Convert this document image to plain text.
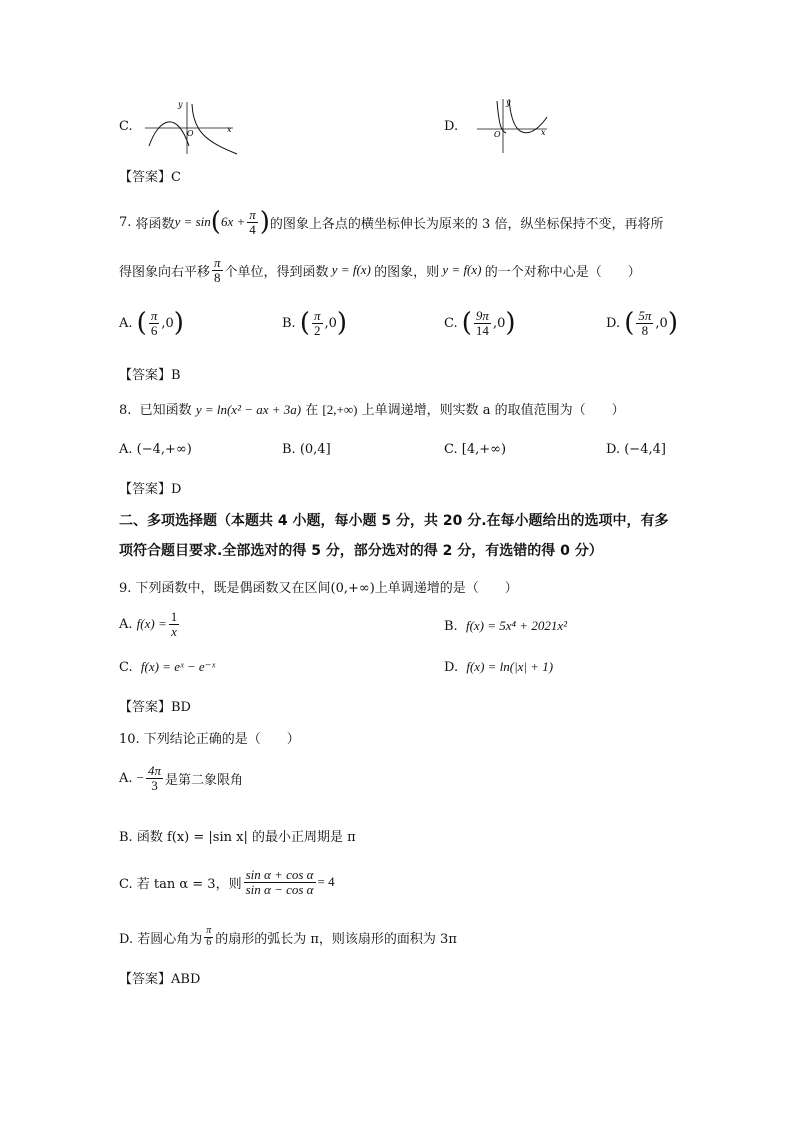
C.
y
x
O	D.
y
x
O
【答案】C
7.
将函数 y = sin ( $6x + \frac{\pi}{4}$ ) 的图象上各点的横坐标伸长为原来的 3 倍，纵坐标保持不变，再将所
得图象向右平移 $\frac{\pi}{8}$ 个单位，得到函数 y = f(x) 的图象，则 y = f(x) 的一个对称中心是（　　）
A.
( $\frac{\pi}{6} ,0$ )	B.
( $\frac{\pi}{2} ,0$ )	C.
( $\frac{9\pi}{14} ,0$ )	D.
( $\frac{5\pi}{8} ,0$ )
【答案】B
8. 已知函数 y = ln(x² − ax + 3a) 在 [2,+∞) 上单调递增，则实数 a 的取值范围为（　　）
A. (−4,+∞)	B. (0,4]	C. [4,+∞)	D. (−4,4]
【答案】D
二、多项选择题（本题共 4 小题，每小题 5 分，共 20 分.在每小题给出的选项中，有多
项符合题目要求.全部选对的得 5 分，部分选对的得 2 分，有选错的得 0 分）
9. 下列函数中，既是偶函数又在区间(0,+∞)上单调递增的是（　　）
A.
$f(x) = \frac{1}{x}$	B. f(x) = 5x⁴ + 2021x²
C. f(x) = eˣ − e⁻ˣ	D. f(x) = ln(|x| + 1)
【答案】BD
10. 下列结论正确的是（　　）
A.
− $\frac{4\pi}{3}$ 是第二象限角
B. 函数 f(x) = |sin x| 的最小正周期是 π
C. 若 tan α = 3，则 $\frac{\text{sin α + cos α}}{\text{sin α − cos α}} = 4$
D. 若圆心角为 $\frac{\pi}{6}$ 的扇形的弧长为 π，则该扇形的面积为 3π
【答案】ABD
